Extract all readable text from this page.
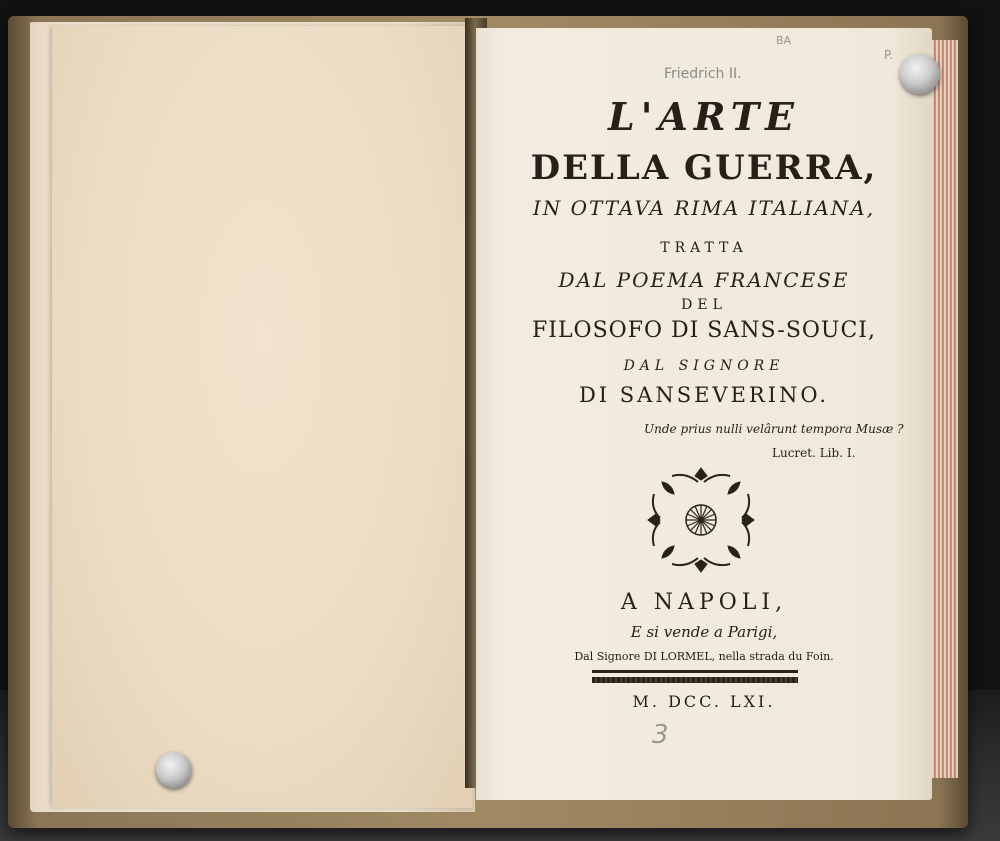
BA
P.
Friedrich II.
L'ARTE
DELLA GUERRA,
IN OTTAVA RIMA ITALIANA,
TRATTA
DAL POEMA FRANCESE
DEL
FILOSOFO DI SANS-SOUCI,
DAL SIGNORE
DI SANSEVERINO.
Unde prius nulli velârunt tempora Musæ ?
Lucret. Lib. I.
A NAPOLI,
E si vende a Parigi,
Dal Signore DI LORMEL, nella strada du Foin.
M. DCC. LXI.
3
